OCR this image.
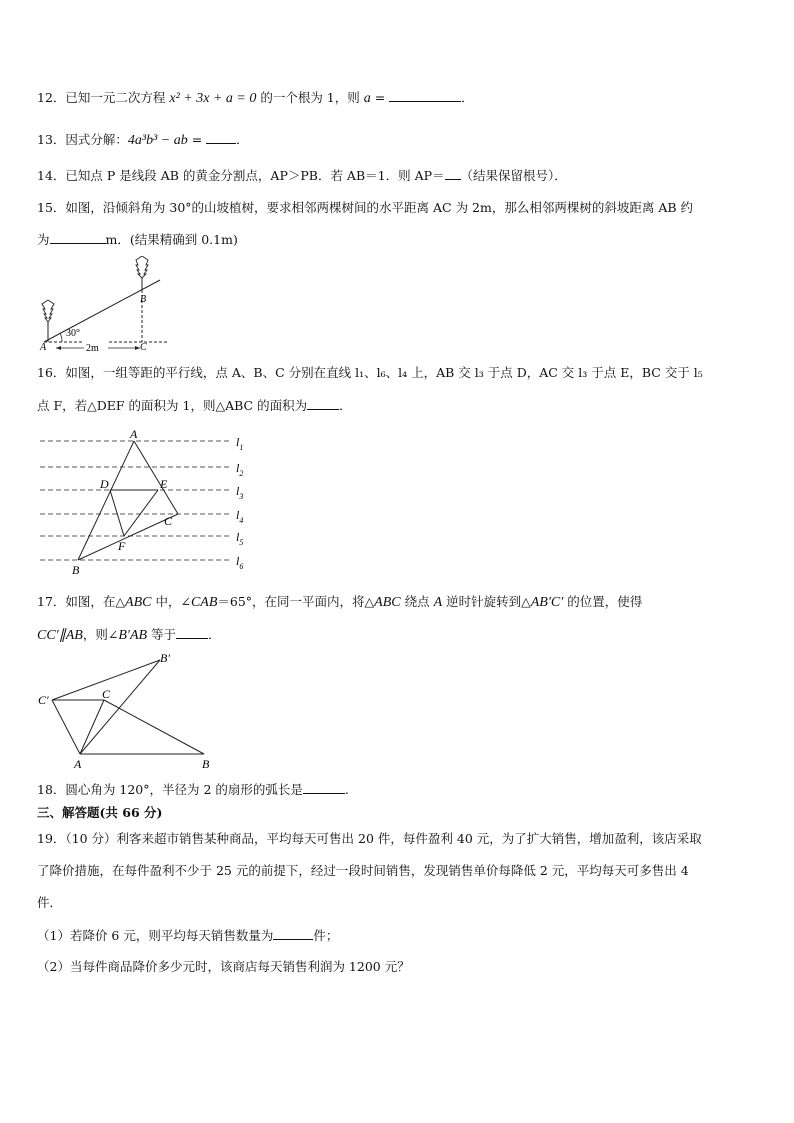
12．已知一元二次方程 x² + 3x + a = 0 的一个根为 1，则 a =	．
13．因式分解：4a³b³ − ab = ．
14．已知点 P 是线段 AB 的黄金分割点，AP＞PB．若 AB＝1．则 AP＝ （结果保留根号）．
15．如图，沿倾斜角为 30°的山坡植树，要求相邻两棵树间的水平距离 AC 为 2m，那么相邻两棵树的斜坡距离 AB 约
为	m．(结果精确到 0.1m)
30°
A
B
C
2m
16．如图，一组等距的平行线，点 A、B、C 分别在直线 l₁、l₆、l₄ 上，AB 交 l₃ 于点 D，AC 交 l₃ 于点 E，BC 交于 l₅
点 F，若△DEF 的面积为 1，则△ABC 的面积为	．
A
B
C
D	E
F
$l_1$
$l_2$
$l_3$
$l_4$
$l_5$
$l_6$
17．如图，在△ABC 中，∠CAB＝65°，在同一平面内，将△ABC 绕点 A 逆时针旋转到△AB′C′ 的位置，使得
CC′∥AB，则∠B′AB 等于	．
A	B
C
C′
B′
18．圆心角为 120°，半径为 2 的扇形的弧长是	.
三、解答题(共 66 分)
19．（10 分）利客来超市销售某种商品，平均每天可售出 20 件，每件盈利 40 元，为了扩大销售，增加盈利，该店采取
了降价措施，在每件盈利不少于 25 元的前提下，经过一段时间销售，发现销售单价每降低 2 元，平均每天可多售出 4
件．
（1）若降价 6 元，则平均每天销售数量为	件；
（2）当每件商品降价多少元时，该商店每天销售利润为 1200 元？
